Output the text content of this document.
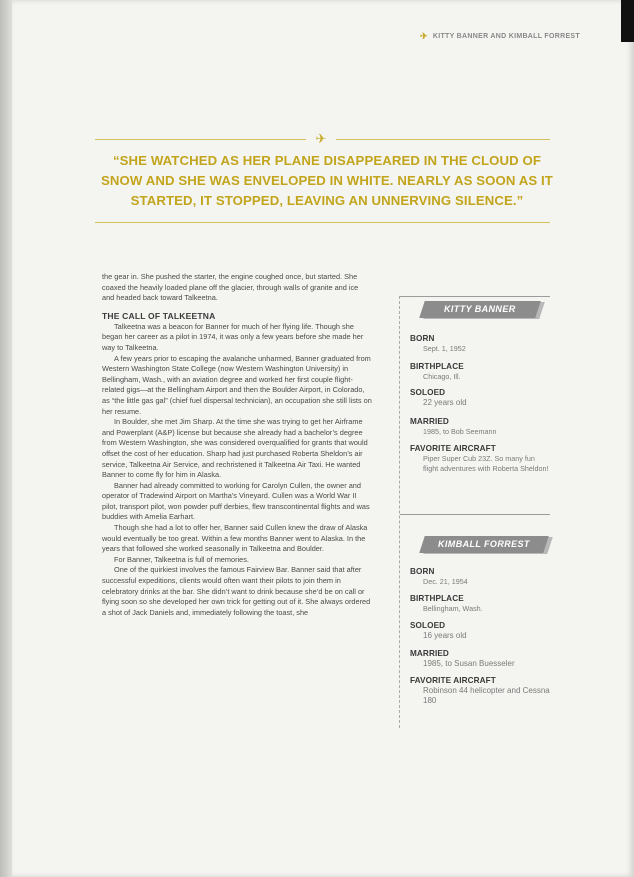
✈ KITTY BANNER AND KIMBALL FORREST
✈
“SHE WATCHED AS HER PLANE DISAPPEARED IN THE CLOUD OF SNOW AND SHE WAS ENVELOPED IN WHITE. NEARLY AS SOON AS IT STARTED, IT STOPPED, LEAVING AN UNNERVING SILENCE.”

the gear in. She pushed the starter, the engine coughed once, but started. She coaxed the heavily loaded plane off the glacier, through walls of granite and ice and headed back toward Talkeetna.

THE CALL OF TALKEETNA

Talkeetna was a beacon for Banner for much of her flying life. Though she began her career as a pilot in 1974, it was only a few years before she made her way to Talkeetna.

A few years prior to escaping the avalanche unharmed, Banner graduated from Western Washington State College (now Western Washington University) in Bellingham, Wash., with an aviation degree and worked her first couple flight-related gigs—at the Bellingham Airport and then the Boulder Airport, in Colorado, as “the little gas gal” (chief fuel dispersal technician), an occupation she still lists on her resume.

In Boulder, she met Jim Sharp. At the time she was trying to get her Airframe and Powerplant (A&P) license but because she already had a bachelor’s degree from Western Washington, she was considered overqualified for grants that would offset the cost of her education. Sharp had just purchased Roberta Sheldon’s air service, Talkeetna Air Service, and rechristened it Talkeetna Air Taxi. He wanted Banner to come fly for him in Alaska.

Banner had already committed to working for Carolyn Cullen, the owner and operator of Tradewind Airport on Martha’s Vineyard. Cullen was a World War II pilot, transport pilot, won powder puff derbies, flew transcontinental flights and was buddies with Amelia Earhart.

Though she had a lot to offer her, Banner said Cullen knew the draw of Alaska would eventually be too great. Within a few months Banner went to Alaska. In the years that followed she worked seasonally in Talkeetna and Boulder.

For Banner, Talkeetna is full of memories.

One of the quirkiest involves the famous Fairview Bar. Banner said that after successful expeditions, clients would often want their pilots to join them in celebratory drinks at the bar. She didn’t want to drink because she’d be on call or flying soon so she developed her own trick for getting out of it. She always ordered a shot of Jack Daniels and, immediately following the toast, she

KITTY BANNER
BORN
Sept. 1, 1952
BIRTHPLACE
Chicago, Ill.
SOLOED
22 years old
MARRIED
1985, to Bob Seemann
FAVORITE AIRCRAFT
Piper Super Cub 23Z. So many fun flight adventures with Roberta Sheldon!
KIMBALL FORREST
BORN
Dec. 21, 1954
BIRTHPLACE
Bellingham, Wash.
SOLOED
16 years old
MARRIED
1985, to Susan Buesseler
FAVORITE AIRCRAFT
Robinson 44 helicopter and Cessna 180
